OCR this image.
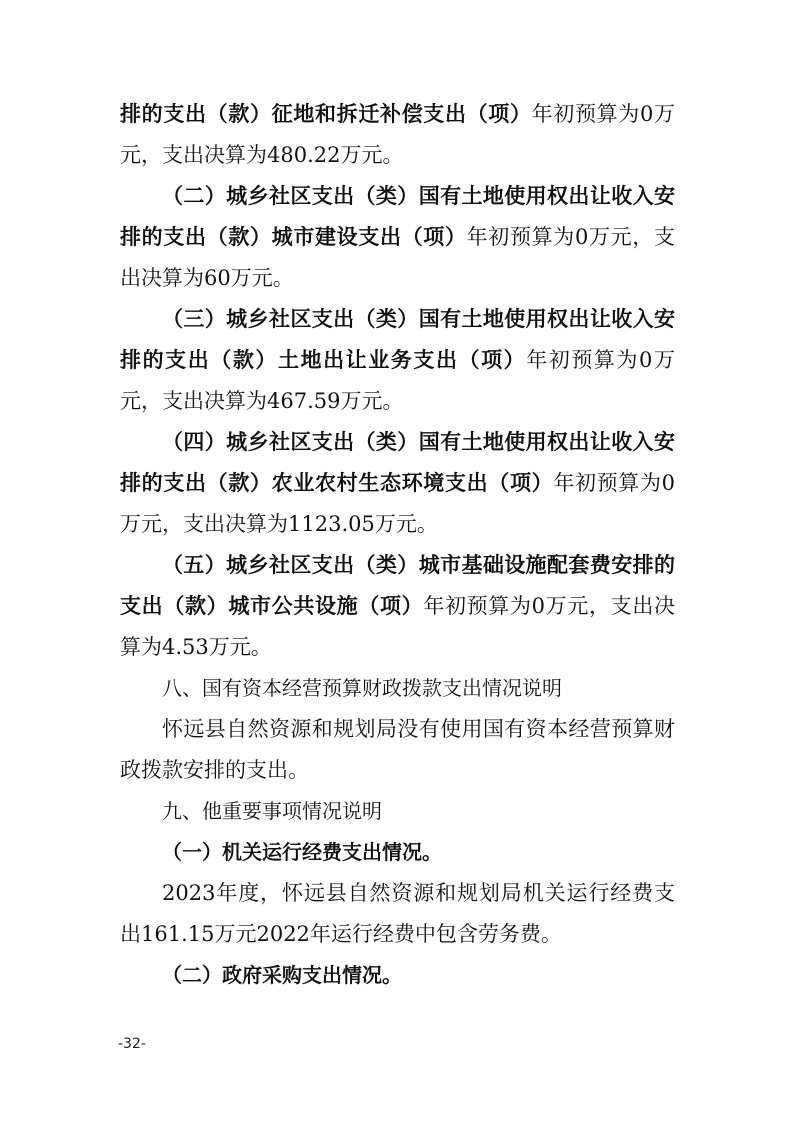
排的支出（款）征地和拆迁补偿支出（项）年初预算为0万元，支出决算为480.22万元。

（二）城乡社区支出（类）国有土地使用权出让收入安排的支出（款）城市建设支出（项）年初预算为0万元，支出决算为60万元。

（三）城乡社区支出（类）国有土地使用权出让收入安排的支出（款）土地出让业务支出（项）年初预算为0万元，支出决算为467.59万元。

（四）城乡社区支出（类）国有土地使用权出让收入安排的支出（款）农业农村生态环境支出（项）年初预算为0万元，支出决算为1123.05万元。

（五）城乡社区支出（类）城市基础设施配套费安排的支出（款）城市公共设施（项）年初预算为0万元，支出决算为4.53万元。

八、国有资本经营预算财政拨款支出情况说明

怀远县自然资源和规划局没有使用国有资本经营预算财政拨款安排的支出。

九、他重要事项情况说明

（一）机关运行经费支出情况。

2023年度，怀远县自然资源和规划局机关运行经费支出161.15万元2022年运行经费中包含劳务费。

（二）政府采购支出情况。

-32-
